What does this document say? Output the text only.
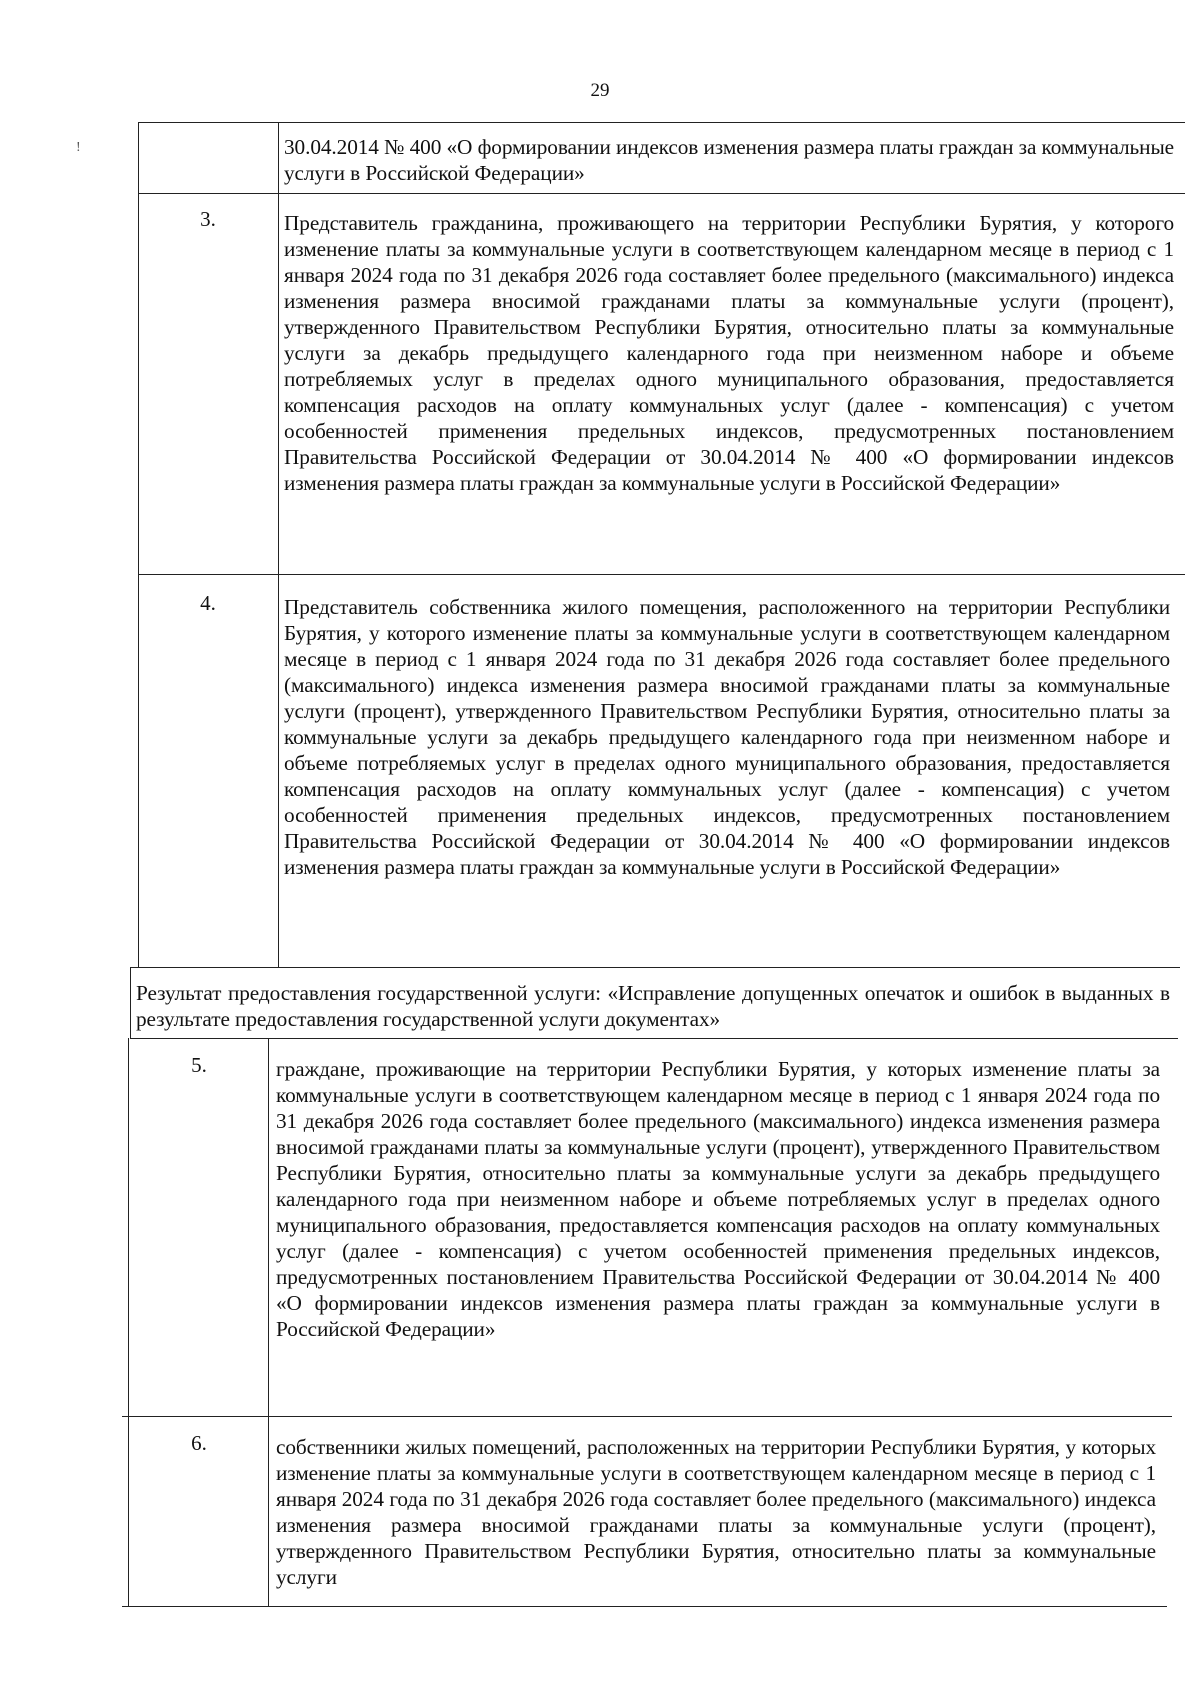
29
!	30.04.2014 № 400 «О формировании индексов изменения размера платы граждан за коммунальные услуги в Российской Федерации»
3.	Представитель гражданина, проживающего на территории Республики Бурятия, у которого изменение платы за коммунальные услуги в соответствующем календарном месяце в период с 1 января 2024 года по 31 декабря 2026 года составляет более предельного (максимального) индекса изменения размера вносимой гражданами платы за коммунальные услуги (процент), утвержденного Правительством Республики Бурятия, относительно платы за коммунальные услуги за декабрь предыдущего календарного года при неизменном наборе и объеме потребляемых услуг в пределах одного муниципального образования, предоставляется компенсация расходов на оплату коммунальных услуг (далее - компенсация) с учетом особенностей применения предельных индексов, предусмотренных постановлением Правительства Российской Федерации от 30.04.2014 № 400 «О формировании индексов изменения размера платы граждан за коммунальные услуги в Российской Федерации»
4.	Представитель собственника жилого помещения, расположенного на территории Республики Бурятия, у которого изменение платы за коммунальные услуги в соответствующем календарном месяце в период с 1 января 2024 года по 31 декабря 2026 года составляет более предельного (максимального) индекса изменения размера вносимой гражданами платы за коммунальные услуги (процент), утвержденного Правительством Республики Бурятия, относительно платы за коммунальные услуги за декабрь предыдущего календарного года при неизменном наборе и объеме потребляемых услуг в пределах одного муниципального образования, предоставляется компенсация расходов на оплату коммунальных услуг (далее - компенсация) с учетом особенностей применения предельных индексов, предусмотренных постановлением Правительства Российской Федерации от 30.04.2014 № 400 «О формировании индексов изменения размера платы граждан за коммунальные услуги в Российской Федерации»
Результат предоставления государственной услуги: «Исправление допущенных опечаток и ошибок в выданных в результате предоставления государственной услуги документах»
5.	граждане, проживающие на территории Республики Бурятия, у которых изменение платы за коммунальные услуги в соответствующем календарном месяце в период с 1 января 2024 года по 31 декабря 2026 года составляет более предельного (максимального) индекса изменения размера вносимой гражданами платы за коммунальные услуги (процент), утвержденного Правительством Республики Бурятия, относительно платы за коммунальные услуги за декабрь предыдущего календарного года при неизменном наборе и объеме потребляемых услуг в пределах одного муниципального образования, предоставляется компенсация расходов на оплату коммунальных услуг (далее - компенсация) с учетом особенностей применения предельных индексов, предусмотренных постановлением Правительства Российской Федерации от 30.04.2014 № 400 «О формировании индексов изменения размера платы граждан за коммунальные услуги в Российской Федерации»
6.	собственники жилых помещений, расположенных на территории Республики Бурятия, у которых изменение платы за коммунальные услуги в соответствующем календарном месяце в период с 1 января 2024 года по 31 декабря 2026 года составляет более предельного (максимального) индекса изменения размера вносимой гражданами платы за коммунальные услуги (процент), утвержденного Правительством Республики Бурятия, относительно платы за коммунальные услуги
